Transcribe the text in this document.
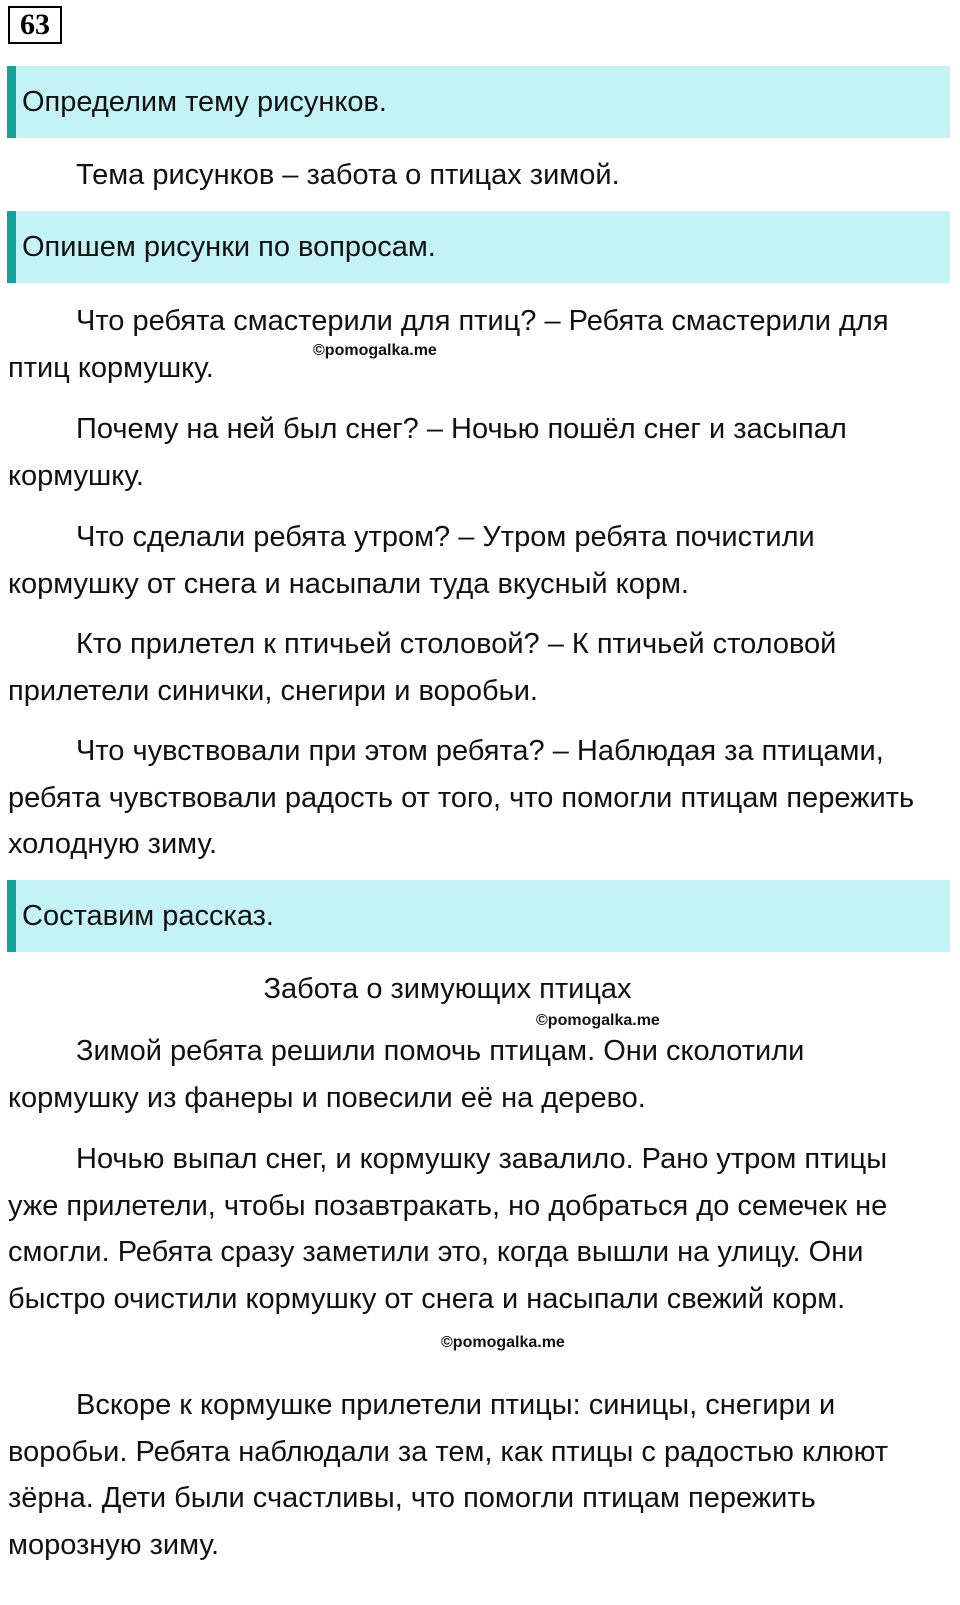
63
Определим тему рисунков.

Тема рисунков – забота о птицах зимой.

Опишем рисунки по вопросам.

Что ребята смастерили для птиц? – Ребята смастерили для птиц кормушку.

Почему на ней был снег? – Ночью пошёл снег и засыпал кормушку.

Что сделали ребята утром? – Утром ребята почистили кормушку от снега и насыпали туда вкусный корм.

Кто прилетел к птичьей столовой? – К птичьей столовой прилетели синички, снегири и воробьи.

Что чувствовали при этом ребята? – Наблюдая за птицами, ребята чувствовали радость от того, что помогли птицам пережить холодную зиму.

Составим рассказ.

Забота о зимующих птицах

Зимой ребята решили помочь птицам. Они сколотили кормушку из фанеры и повесили её на дерево.

Ночью выпал снег, и кормушку завалило. Рано утром птицы уже прилетели, чтобы позавтракать, но добраться до семечек не смогли. Ребята сразу заметили это, когда вышли на улицу. Они быстро очистили кормушку от снега и насыпали свежий корм.

Вскоре к кормушке прилетели птицы: синицы, снегири и воробьи. Ребята наблюдали за тем, как птицы с радостью клюют зёрна. Дети были счастливы, что помогли птицам пережить морозную зиму.

©pomogalka.me
©pomogalka.me
©pomogalka.me
